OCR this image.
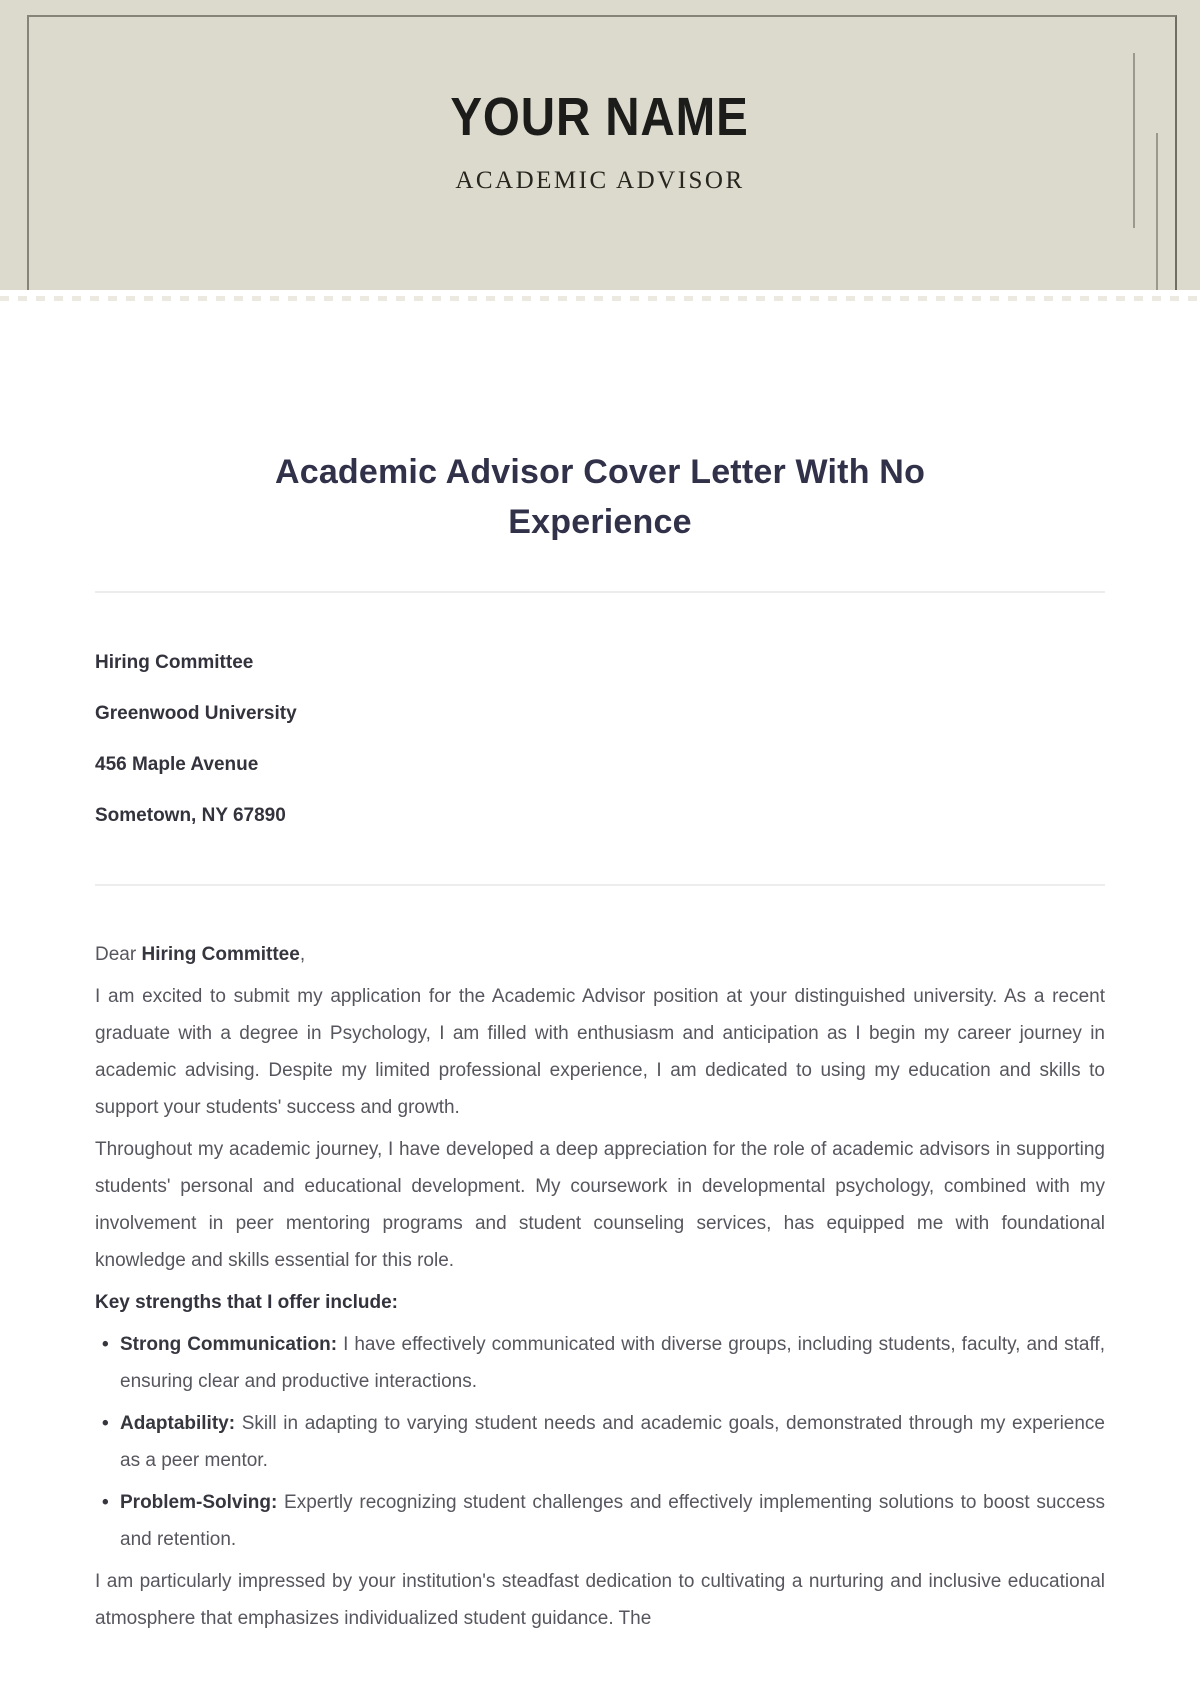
YOUR NAME
ACADEMIC ADVISOR
Academic Advisor Cover Letter With No Experience

Hiring Committee

Greenwood University

456 Maple Avenue

Sometown, NY 67890

Dear Hiring Committee,

I am excited to submit my application for the Academic Advisor position at your distinguished university. As a recent graduate with a degree in Psychology, I am filled with enthusiasm and anticipation as I begin my career journey in academic advising. Despite my limited professional experience, I am dedicated to using my education and skills to support your students' success and growth.

Throughout my academic journey, I have developed a deep appreciation for the role of academic advisors in supporting students' personal and educational development. My coursework in developmental psychology, combined with my involvement in peer mentoring programs and student counseling services, has equipped me with foundational knowledge and skills essential for this role.

Key strengths that I offer include:

• Strong Communication: I have effectively communicated with diverse groups, including students, faculty, and staff, ensuring clear and productive interactions.
• Adaptability: Skill in adapting to varying student needs and academic goals, demonstrated through my experience as a peer mentor.
• Problem-Solving: Expertly recognizing student challenges and effectively implementing solutions to boost success and retention.

I am particularly impressed by your institution's steadfast dedication to cultivating a nurturing and inclusive educational atmosphere that emphasizes individualized student guidance. The
